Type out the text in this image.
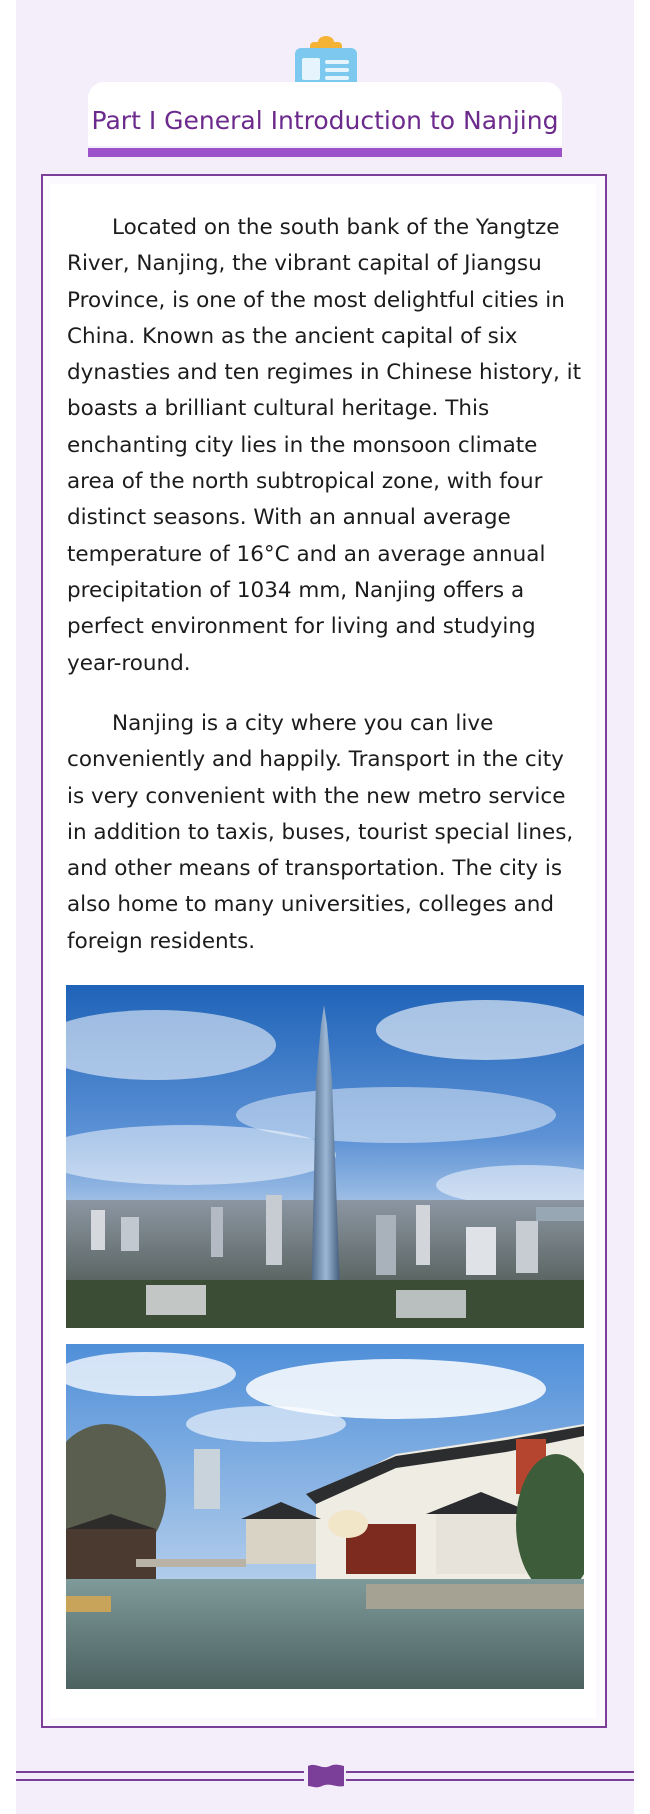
Part I General Introduction to Nanjing

Located on the south bank of the Yangtze River, Nanjing, the vibrant capital of Jiangsu Province, is one of the most delightful cities in China. Known as the ancient capital of six dynasties and ten regimes in Chinese history, it boasts a brilliant cultural heritage. This enchanting city lies in the monsoon climate area of the north subtropical zone, with four distinct seasons. With an annual average temperature of 16°C and an average annual precipitation of 1034 mm, Nanjing offers a perfect environment for living and studying year-round.

Nanjing is a city where you can live conveniently and happily. Transport in the city is very convenient with the new metro service in addition to taxis, buses, tourist special lines, and other means of transportation. The city is also home to many universities, colleges and foreign residents.
